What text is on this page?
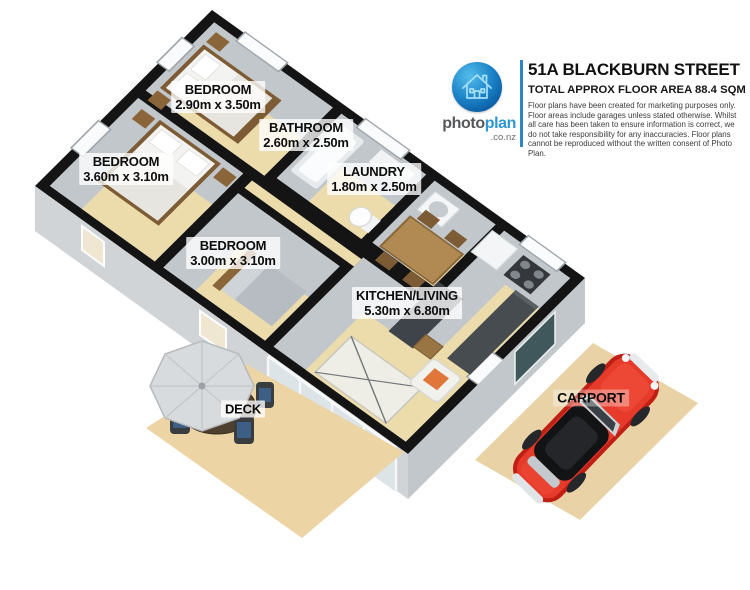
photoplan
.co.nz
51A BLACKBURN STREET
TOTAL APPROX FLOOR AREA 88.4 SQM
Floor plans have been created for marketing purposes only. Floor areas include garages unless stated otherwise. Whilst all care has been taken to ensure information is correct, we do not take responsibility for any inaccuracies. Floor plans cannot be reproduced without the written consent of Photo Plan.
BEDROOM
2.90m x 3.50m
BATHROOM
2.60m x 2.50m
BEDROOM
3.60m x 3.10m	LAUNDRY
1.80m x 2.50m
BEDROOM
3.00m x 3.10m
KITCHEN/LIVING
5.30m x 6.80m
DECK
CARPORT
